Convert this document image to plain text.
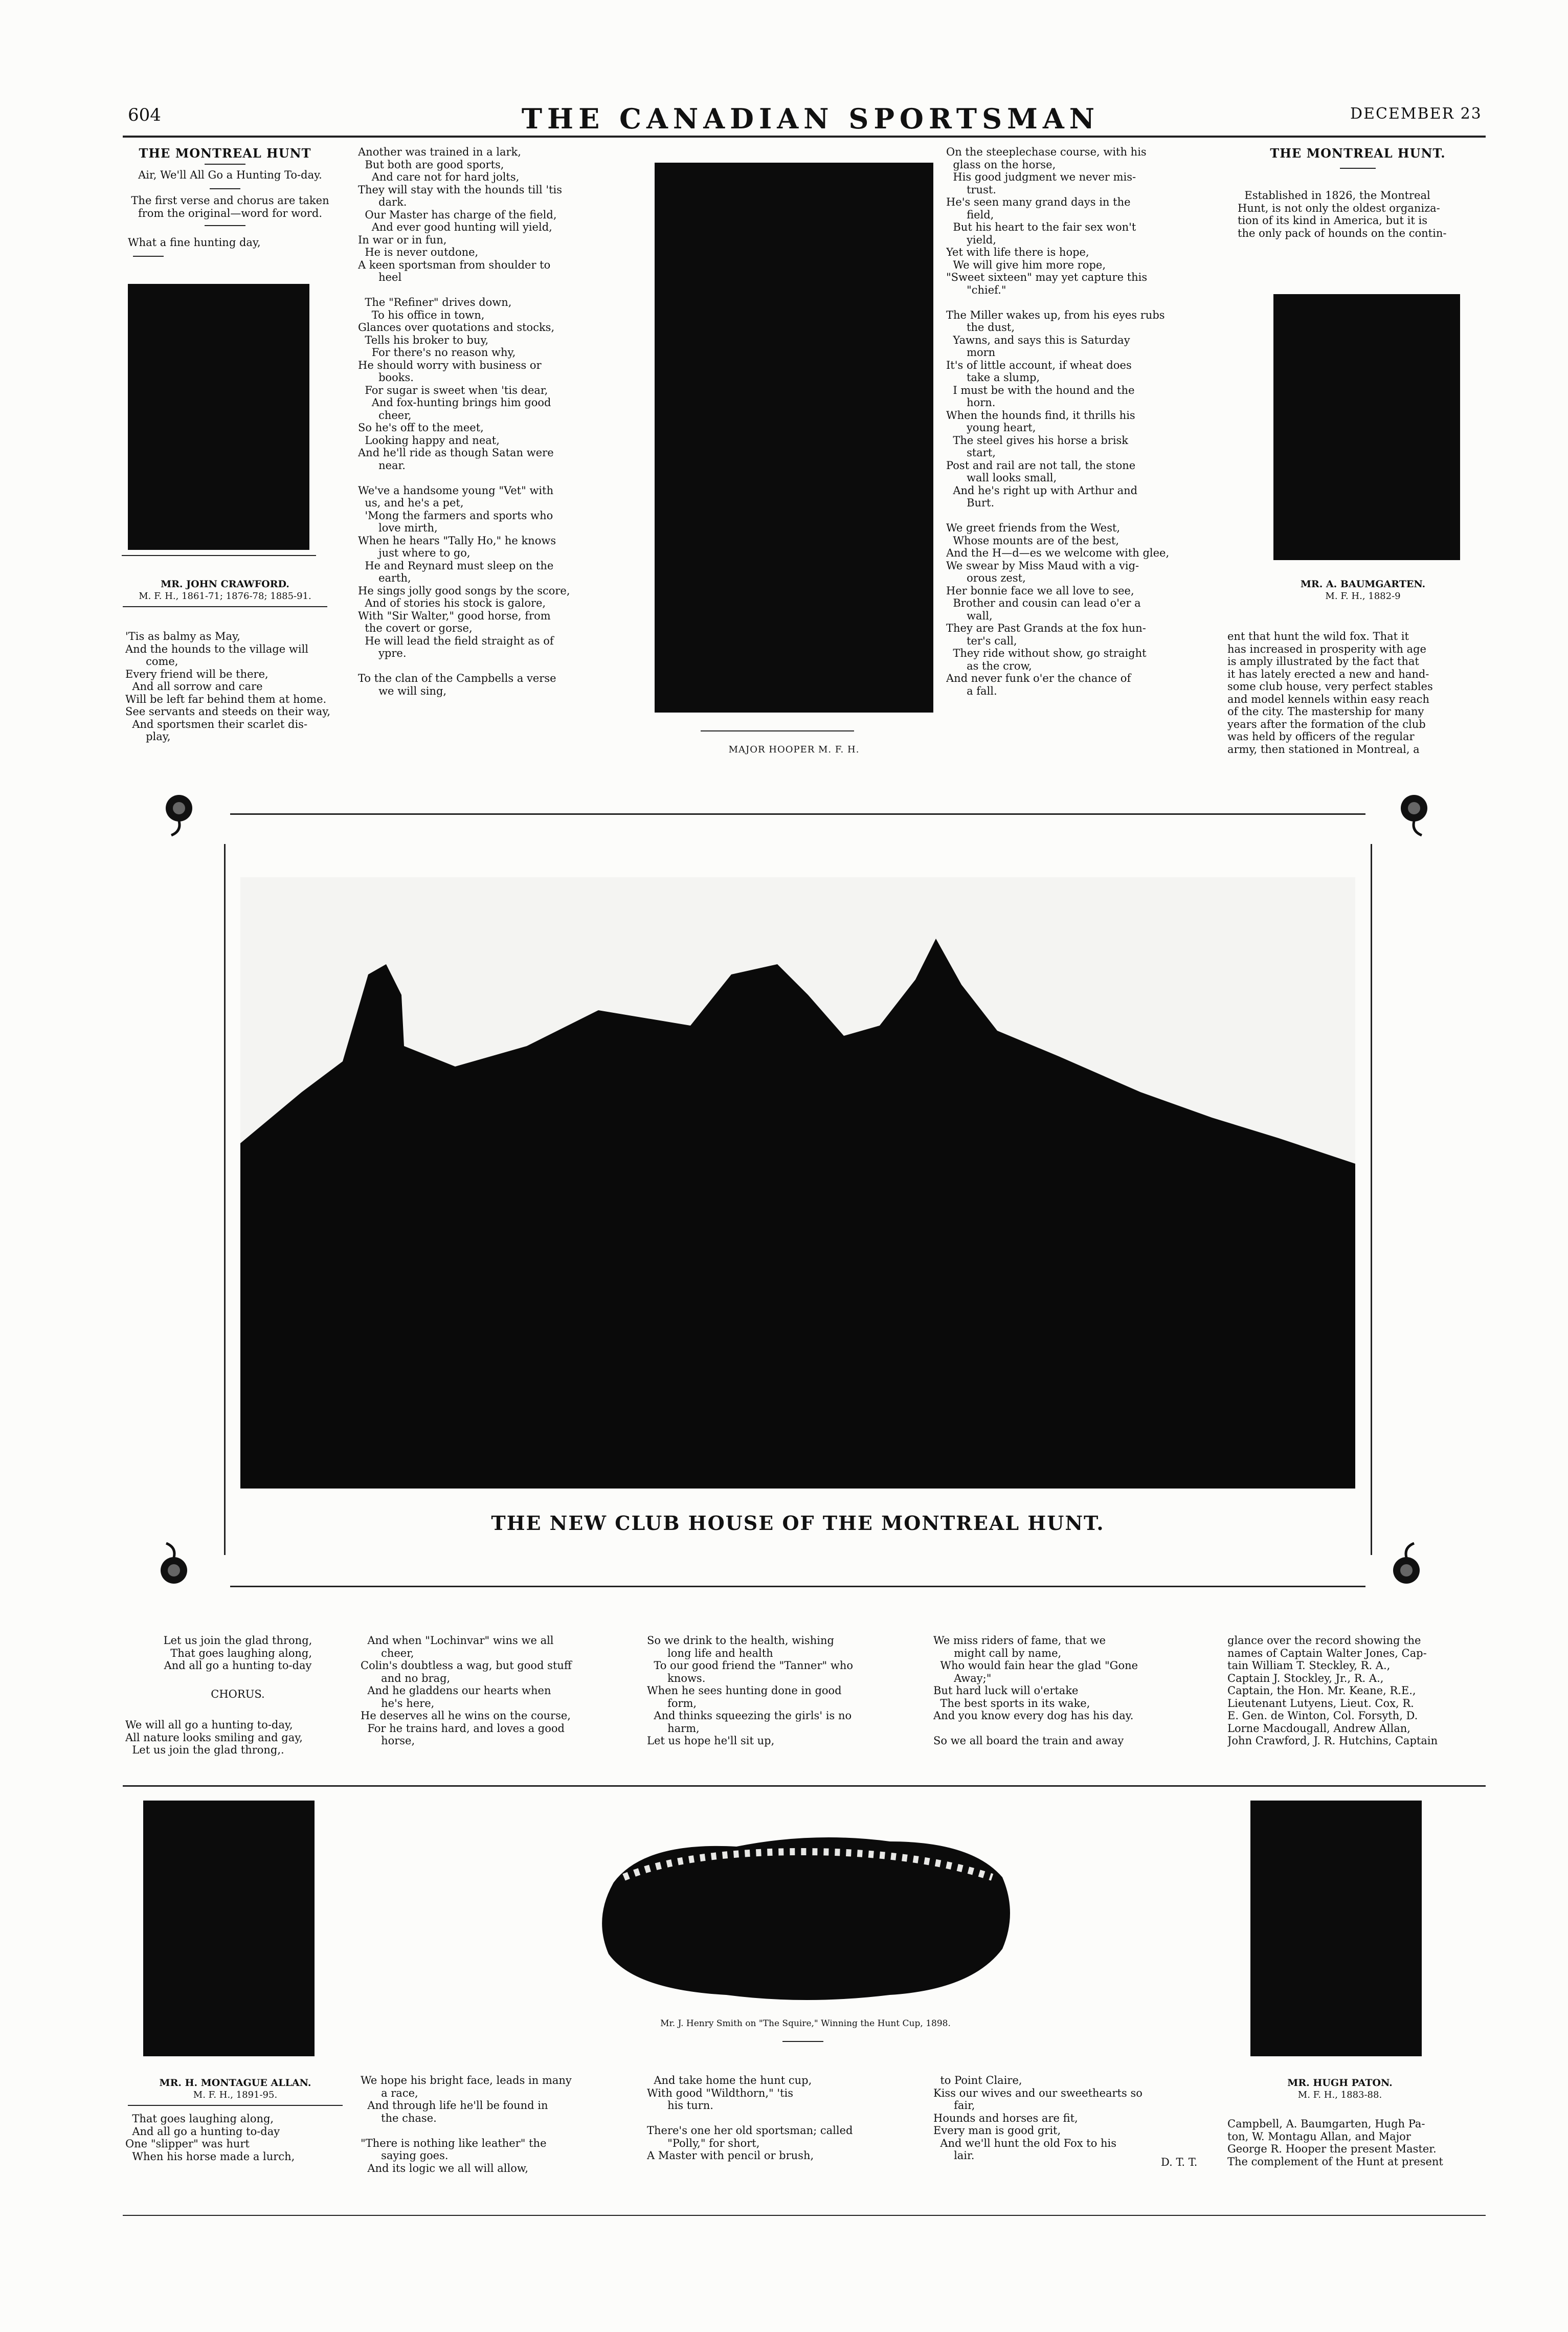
604	THE CANADIAN SPORTSMAN	DECEMBER 23
THE MONTREAL HUNT
Air, We'll All Go a Hunting To-day.
The first verse and chorus are taken
from the original—word for word.
What a fine hunting day,
MR. JOHN CRAWFORD.
M. F. H., 1861-71; 1876-78; 1885-91.
'Tis as balmy as May,
And the hounds to the village will
come,
Every friend will be there,
And all sorrow and care
Will be left far behind them at home.
See servants and steeds on their way,
And sportsmen their scarlet dis-
play,
Another was trained in a lark,
But both are good sports,
And care not for hard jolts,
They will stay with the hounds till 'tis
dark.
Our Master has charge of the field,
And ever good hunting will yield,
In war or in fun,
He is never outdone,
A keen sportsman from shoulder to
heel

The "Refiner" drives down,
To his office in town,
Glances over quotations and stocks,
Tells his broker to buy,
For there's no reason why,
He should worry with business or
books.
For sugar is sweet when 'tis dear,
And fox-hunting brings him good
cheer,
So he's off to the meet,
Looking happy and neat,
And he'll ride as though Satan were
near.

We've a handsome young "Vet" with
us, and he's a pet,
'Mong the farmers and sports who
love mirth,
When he hears "Tally Ho," he knows
just where to go,
He and Reynard must sleep on the
earth,
He sings jolly good songs by the score,
And of stories his stock is galore,
With "Sir Walter," good horse, from
the covert or gorse,
He will lead the field straight as of
ypre.

To the clan of the Campbells a verse
we will sing,
MAJOR HOOPER M. F. H.
On the steeplechase course, with his
glass on the horse,
His good judgment we never mis-
trust.
He's seen many grand days in the
field,
But his heart to the fair sex won't
yield,
Yet with life there is hope,
We will give him more rope,
"Sweet sixteen" may yet capture this
"chief."

The Miller wakes up, from his eyes rubs
the dust,
Yawns, and says this is Saturday
morn
It's of little account, if wheat does
take a slump,
I must be with the hound and the
horn.
When the hounds find, it thrills his
young heart,
The steel gives his horse a brisk
start,
Post and rail are not tall, the stone
wall looks small,
And he's right up with Arthur and
Burt.

We greet friends from the West,
Whose mounts are of the best,
And the H—d—es we welcome with glee,
We swear by Miss Maud with a vig-
orous zest,
Her bonnie face we all love to see,
Brother and cousin can lead o'er a
wall,
They are Past Grands at the fox hun-
ter's call,
They ride without show, go straight
as the crow,
And never funk o'er the chance of
a fall.
THE MONTREAL HUNT.
Established in 1826, the Montreal
Hunt, is not only the oldest organiza-
tion of its kind in America, but it is
the only pack of hounds on the contin-
MR. A. BAUMGARTEN.
M. F. H., 1882-9
ent that hunt the wild fox. That it
has increased in prosperity with age
is amply illustrated by the fact that
it has lately erected a new and hand-
some club house, very perfect stables
and model kennels within easy reach
of the city. The mastership for many
years after the formation of the club
was held by officers of the regular
army, then stationed in Montreal, a
THE NEW CLUB HOUSE OF THE MONTREAL HUNT.
Let us join the glad throng,
That goes laughing along,
And all go a hunting to-day
CHORUS.
We will all go a hunting to-day,
All nature looks smiling and gay,
Let us join the glad throng,.
And when "Lochinvar" wins we all
cheer,
Colin's doubtless a wag, but good stuff
and no brag,
And he gladdens our hearts when
he's here,
He deserves all he wins on the course,
For he trains hard, and loves a good
horse,
So we drink to the health, wishing
long life and health
To our good friend the "Tanner" who
knows.
When he sees hunting done in good
form,
And thinks squeezing the girls' is no
harm,
Let us hope he'll sit up,
We miss riders of fame, that we
might call by name,
Who would fain hear the glad "Gone
Away;"
But hard luck will o'ertake
The best sports in its wake,
And you know every dog has his day.

So we all board the train and away
glance over the record showing the
names of Captain Walter Jones, Cap-
tain William T. Steckley, R. A.,
Captain J. Stockley, Jr., R. A.,
Captain, the Hon. Mr. Keane, R.E.,
Lieutenant Lutyens, Lieut. Cox, R.
E. Gen. de Winton, Col. Forsyth, D.
Lorne Macdougall, Andrew Allan,
John Crawford, J. R. Hutchins, Captain
MR. H. MONTAGUE ALLAN.
M. F. H., 1891-95.
Mr. J. Henry Smith on "The Squire," Winning the Hunt Cup, 1898.
MR. HUGH PATON.
M. F. H., 1883-88.
That goes laughing along,
And all go a hunting to-day
One "slipper" was hurt
When his horse made a lurch,
We hope his bright face, leads in many
a race,
And through life he'll be found in
the chase.

"There is nothing like leather" the
saying goes.
And its logic we all will allow,
And take home the hunt cup,
With good "Wildthorn," 'tis
his turn.

There's one her old sportsman; called
"Polly," for short,
A Master with pencil or brush,
to Point Claire,
Kiss our wives and our sweethearts so
fair,
Hounds and horses are fit,
Every man is good grit,
And we'll hunt the old Fox to his
lair.
D. T. T.
Campbell, A. Baumgarten, Hugh Pa-
ton, W. Montagu Allan, and Major
George R. Hooper the present Master.
The complement of the Hunt at present
